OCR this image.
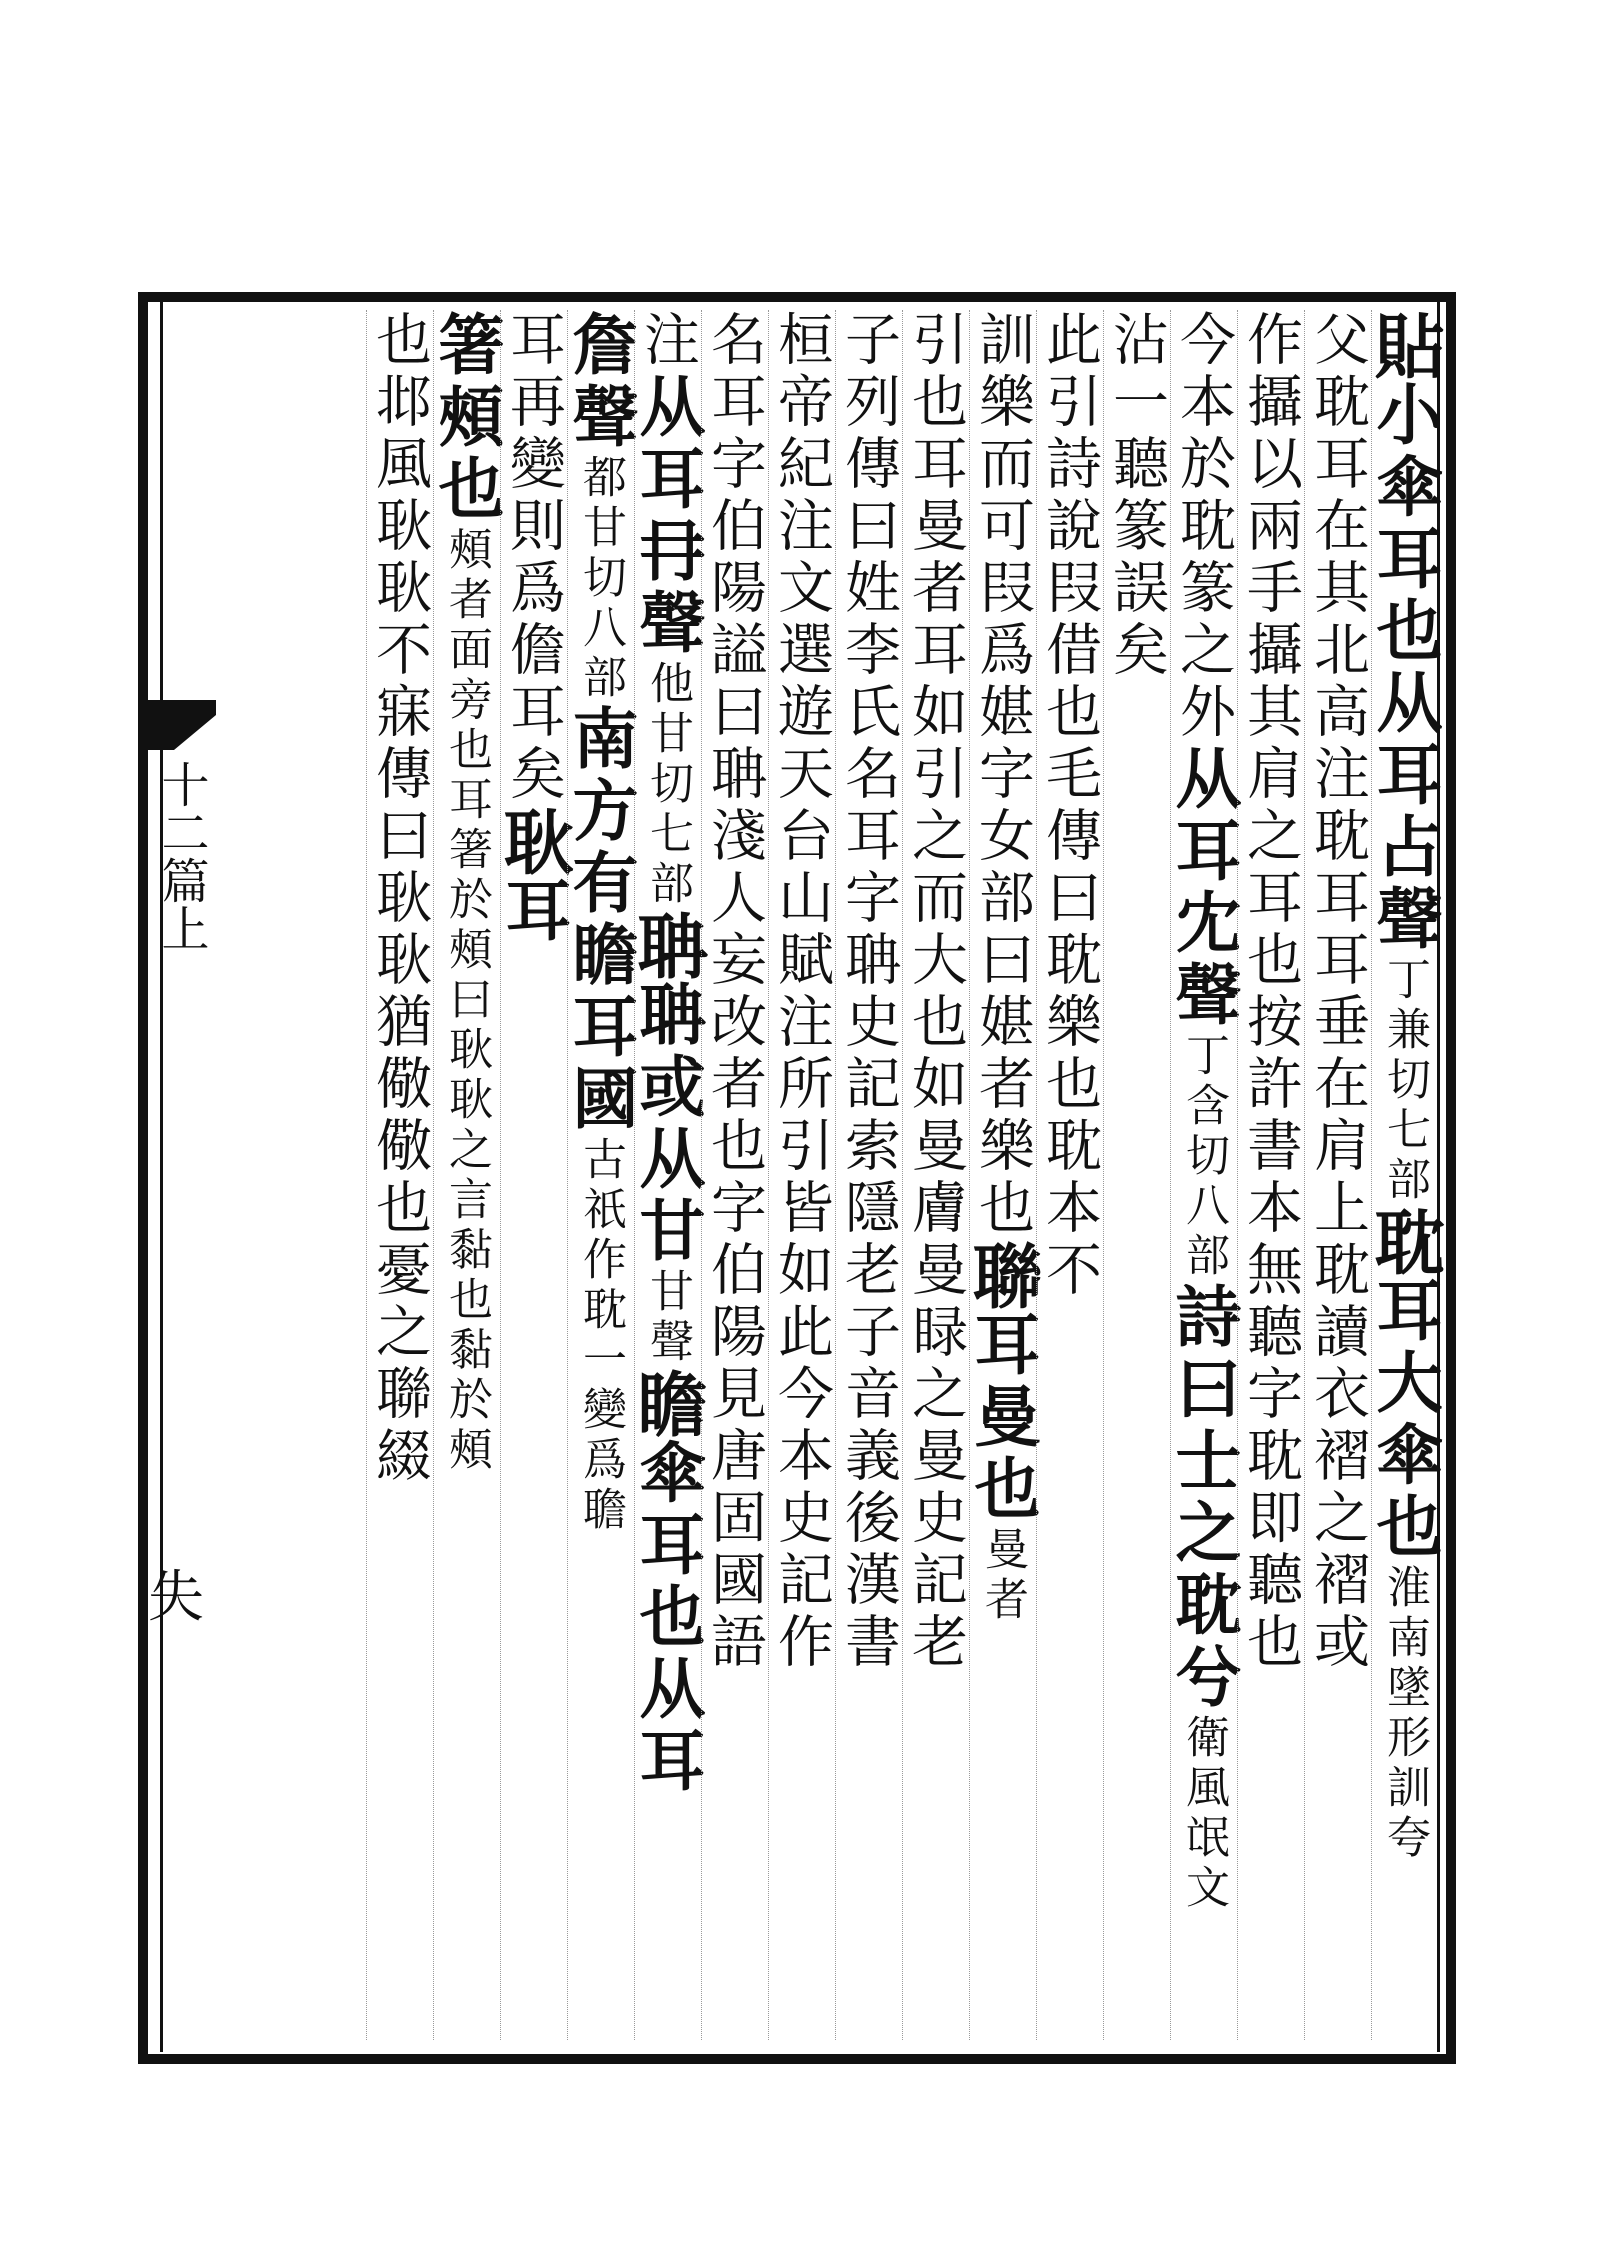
十二篇上
失
貼小傘耳也从耳占聲丁兼切七部耽耳大傘也淮南墜形訓夸
父耽耳在其北高注耽耳耳垂在肩上耽讀衣褶之褶或
作攝以兩手攝其肩之耳也按許書本無聽字耽即聽也
今本於耽篆之外从耳冘聲丁含切八部詩曰士之耽兮衛風氓文
沾一聽篆誤矣
此引詩說叚借也毛傳曰耽樂也耽本不
訓樂而可叚爲媅字女部曰媅者樂也聯耳曼也曼者
引也耳曼者耳如引之而大也如曼膚曼睩之曼史記老
子列傳曰姓李氏名耳字聃史記索隱老子音義後漢書
桓帝紀注文選遊天台山賦注所引皆如此今本史記作
名耳字伯陽謚曰聃淺人妄改者也字伯陽見唐固國語
注从耳冄聲他甘切七部聃聃或从甘甘聲瞻傘耳也从耳
詹聲都甘切八部南方有瞻耳國古祇作耽一變爲聸
耳再變則爲儋耳矣耿耳
箸頰也頰者面旁也耳箸於頰曰耿耿之言黏也黏於頰
也邶風耿耿不寐傳曰耿耿猶儆儆也憂之聯綴
